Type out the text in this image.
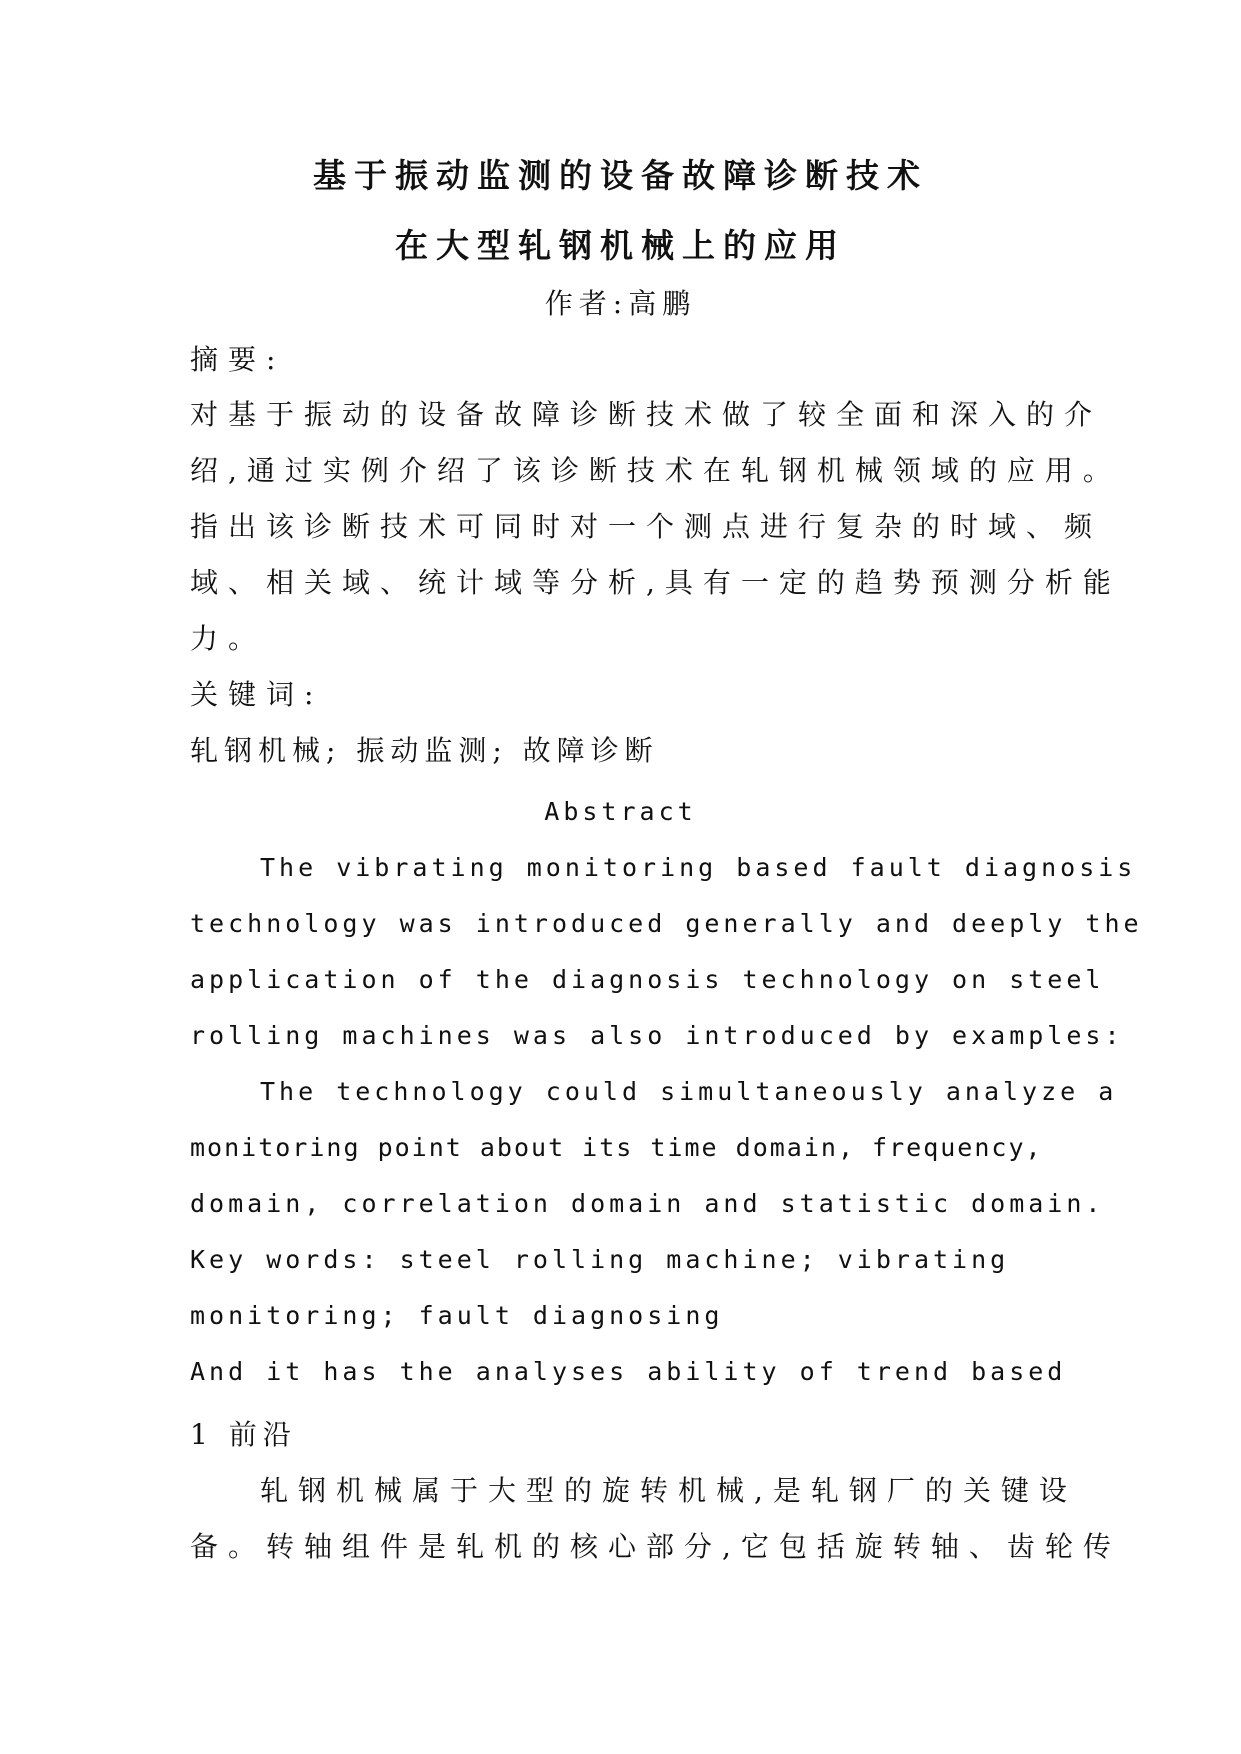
基于振动监测的设备故障诊断技术
在大型轧钢机械上的应用
作者:高鹏
摘要:
对基于振动的设备故障诊断技术做了较全面和深入的介
绍,通过实例介绍了该诊断技术在轧钢机械领域的应用。
指出该诊断技术可同时对一个测点进行复杂的时域、频
域、相关域、统计域等分析,具有一定的趋势预测分析能
力。
关键词:
轧钢机械; 振动监测; 故障诊断
Abstract
The vibrating monitoring based fault diagnosis
technology was introduced generally and deeply the
application of the diagnosis technology on steel
rolling machines was also introduced by examples:
The technology could simultaneously analyze a
monitoring point about its time domain, frequency,
domain, correlation domain and statistic domain.
Key words: steel rolling machine; vibrating
monitoring; fault diagnosing
And it has the analyses ability of trend based
1 前沿
轧钢机械属于大型的旋转机械,是轧钢厂的关键设
备。转轴组件是轧机的核心部分,它包括旋转轴、齿轮传
